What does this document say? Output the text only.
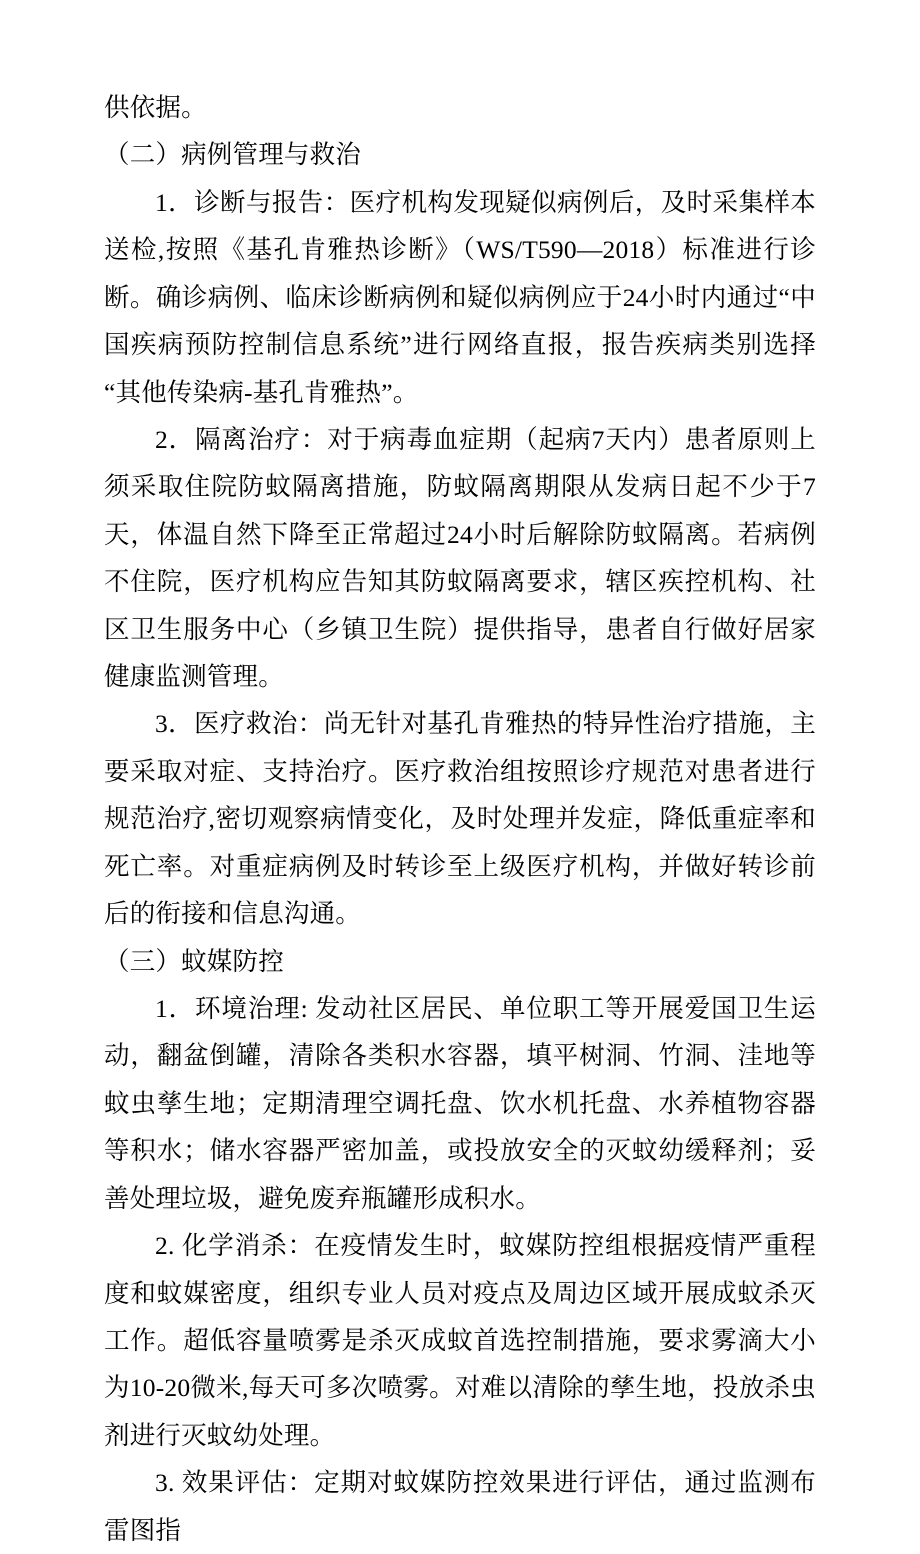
供依据。

（二）病例管理与救治

1．诊断与报告：医疗机构发现疑似病例后，及时采集样本送检,按照《基孔肯雅热诊断》（WS/T590—2018）标准进行诊断。确诊病例、临床诊断病例和疑似病例应于24小时内通过“中国疾病预防控制信息系统”进行网络直报，报告疾病类别选择“其他传染病-基孔肯雅热”。

2．隔离治疗：对于病毒血症期（起病7天内）患者原则上须采取住院防蚊隔离措施，防蚊隔离期限从发病日起不少于7天，体温自然下降至正常超过24小时后解除防蚊隔离。若病例不住院，医疗机构应告知其防蚊隔离要求，辖区疾控机构、社区卫生服务中心（乡镇卫生院）提供指导，患者自行做好居家健康监测管理。

3．医疗救治：尚无针对基孔肯雅热的特异性治疗措施，主要采取对症、支持治疗。医疗救治组按照诊疗规范对患者进行规范治疗,密切观察病情变化，及时处理并发症，降低重症率和死亡率。对重症病例及时转诊至上级医疗机构，并做好转诊前后的衔接和信息沟通。

（三）蚊媒防控

1．环境治理: 发动社区居民、单位职工等开展爱国卫生运动，翻盆倒罐，清除各类积水容器，填平树洞、竹洞、洼地等蚊虫孳生地；定期清理空调托盘、饮水机托盘、水养植物容器等积水；储水容器严密加盖，或投放安全的灭蚊幼缓释剂；妥善处理垃圾，避免废弃瓶罐形成积水。

2. 化学消杀：在疫情发生时，蚊媒防控组根据疫情严重程度和蚊媒密度，组织专业人员对疫点及周边区域开展成蚊杀灭工作。超低容量喷雾是杀灭成蚊首选控制措施，要求雾滴大小为10-20微米,每天可多次喷雾。对难以清除的孳生地，投放杀虫剂进行灭蚊幼处理。

3. 效果评估：定期对蚊媒防控效果进行评估，通过监测布雷图指
